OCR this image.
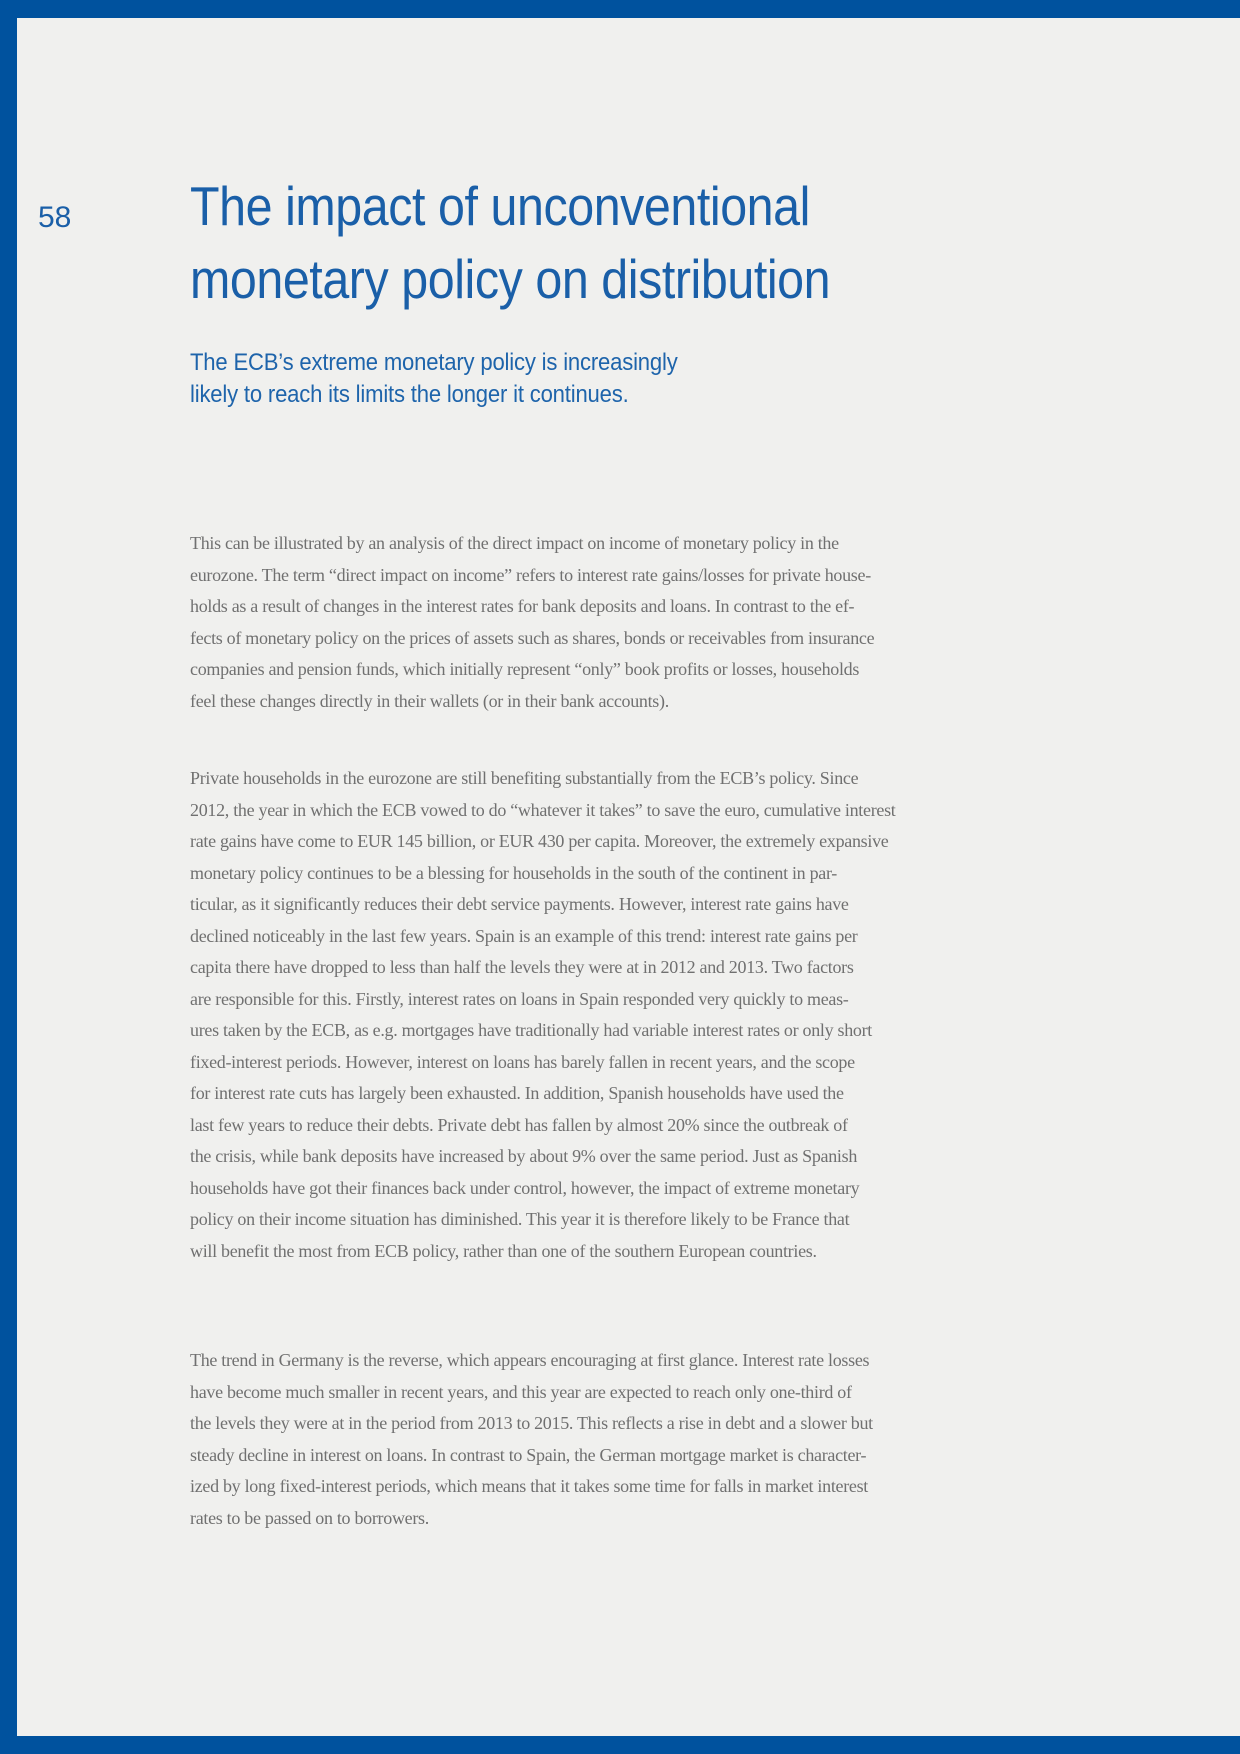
58 The impact of unconventional
monetary policy on distribution
The ECB’s extreme monetary policy is increasingly
likely to reach its limits the longer it continues.
This can be illustrated by an analysis of the direct impact on income of monetary policy in the
eurozone. The term “direct impact on income” refers to interest rate gains/losses for private house-
holds as a result of changes in the interest rates for bank deposits and loans. In contrast to the ef-
fects of monetary policy on the prices of assets such as shares, bonds or receivables from insurance
companies and pension funds, which initially represent “only” book profits or losses, households
feel these changes directly in their wallets (or in their bank accounts).
Private households in the eurozone are still benefiting substantially from the ECB’s policy. Since
2012, the year in which the ECB vowed to do “whatever it takes” to save the euro, cumulative interest
rate gains have come to EUR 145 billion, or EUR 430 per capita. Moreover, the extremely expansive
monetary policy continues to be a blessing for households in the south of the continent in par-
ticular, as it significantly reduces their debt service payments. However, interest rate gains have
declined noticeably in the last few years. Spain is an example of this trend: interest rate gains per
capita there have dropped to less than half the levels they were at in 2012 and 2013. Two factors
are responsible for this. Firstly, interest rates on loans in Spain responded very quickly to meas-
ures taken by the ECB, as e.g. mortgages have traditionally had variable interest rates or only short
fixed-interest periods. However, interest on loans has barely fallen in recent years, and the scope
for interest rate cuts has largely been exhausted. In addition, Spanish households have used the
last few years to reduce their debts. Private debt has fallen by almost 20% since the outbreak of
the crisis, while bank deposits have increased by about 9% over the same period. Just as Spanish
households have got their finances back under control, however, the impact of extreme monetary
policy on their income situation has diminished. This year it is therefore likely to be France that
will benefit the most from ECB policy, rather than one of the southern European countries.
The trend in Germany is the reverse, which appears encouraging at first glance. Interest rate losses
have become much smaller in recent years, and this year are expected to reach only one-third of
the levels they were at in the period from 2013 to 2015. This reflects a rise in debt and a slower but
steady decline in interest on loans. In contrast to Spain, the German mortgage market is character-
ized by long fixed-interest periods, which means that it takes some time for falls in market interest
rates to be passed on to borrowers.
